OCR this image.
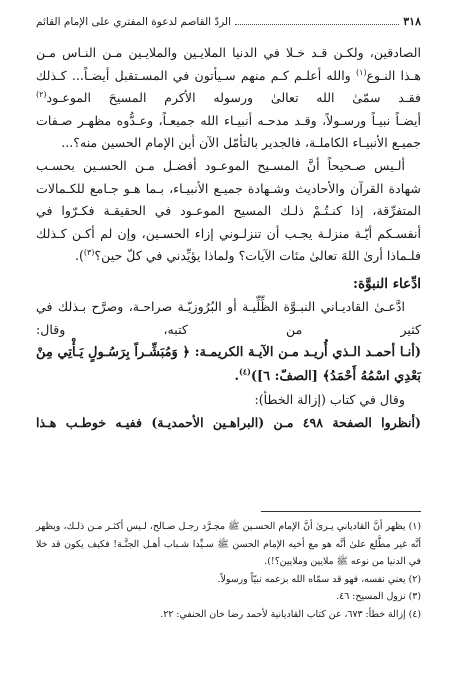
٣١٨
الردّ القاصم لدعوة المفتري على الإمام القائم

الصادقين، ولكـن قـد خـلا في الدنيا الملايـين والملايـين مـن النـاس مـن هـذا النـوع$^{(١)}$ والله أعلـم كـم منهم سـيأتون في المسـتقبل أيضـاً... كـذلك فقـد سمّىٰ الله تعالىٰ ورسوله الأكرم المسيحَ الموعـود$^{(٢)}$

أيضـاً نبيـاً ورسـولاً، وقـد مدحـه أنبيـاء الله جميعـاً، وعـدُّوه مظهـر صـفات جميـع الأنبيـاء الكاملـة، فالجدير بالتأمّل الآن أين الإمام الحسين منه؟...

ألـيس صـحيحاً أنَّ المسـيح الموعـود أفضـل مـن الحسـين بحسـب شهادة القرآن والأحاديث وشـهادة جميـع الأنبيـاء، بـما هـو جـامع للكـمالات المتفرِّقة، إذا كنـتُـمْ ذلـك المسيح الموعـود في الحقيقـة فكـرّوا في أنفسـكم أيّـة منزلـة يجـب أن تنزلـوني إزاء الحسـين، وإن لم أكـن كـذلك فلـماذا أرىٰ اللهَ تعالىٰ مئات الآيات؟ ولماذا يؤيِّدني في كلّ حين؟$^{(٣)}$).

ادِّعاء النبوَّة:

ادَّعـىٰ القاديـاني النبـوَّة الظِّلِّيـة أو البُرُوزيّـة صراحـة، وصرَّح بـذلك في كثير من كتبه، وقال:

(أنـا أحمـد الـذي أُريـد مـن الآيـة الكريمـة: ﴿ وَمُبَشِّـراً بِرَسُـولٍ يَـأْتِي مِنْ بَعْدِي اسْمُهُ أَحْمَدُ﴾ [الصفّ: ٦])$^{(٤)}$.

وقال في كتاب (إزالة الخطأ):

(أنظروا الصفحة ٤٩٨ مـن (البراهـين الأحمديـة) ففيـه خوطـب هـذا

(١) يظهر أنَّ القادياني يـرىٰ أنَّ الإمام الحسـين ﷺ مجـرَّد رجـل صـالح، لـيس أكثـر مـن ذلـك، ويظهر أنَّه غير مطَّلع علىٰ أنَّه هو مع أخيه الإمام الحسن ﷺ سـيِّدا شـباب أهـل الجنَّـة! فكيف يكون قد خلا في الدنيا من نوعه ﷺ ملايين وملايين؟!).

(٢) يعني نفسه، فهو قد سمّاه الله بزعمه نبيّاً ورسولاً.

(٣) نزول المسيح: ٤٦.

(٤) إزالة خطأ: ٦٧٣، عن كتاب القاديانية لأحمد رضا خان الحنفي: ٢٢.
